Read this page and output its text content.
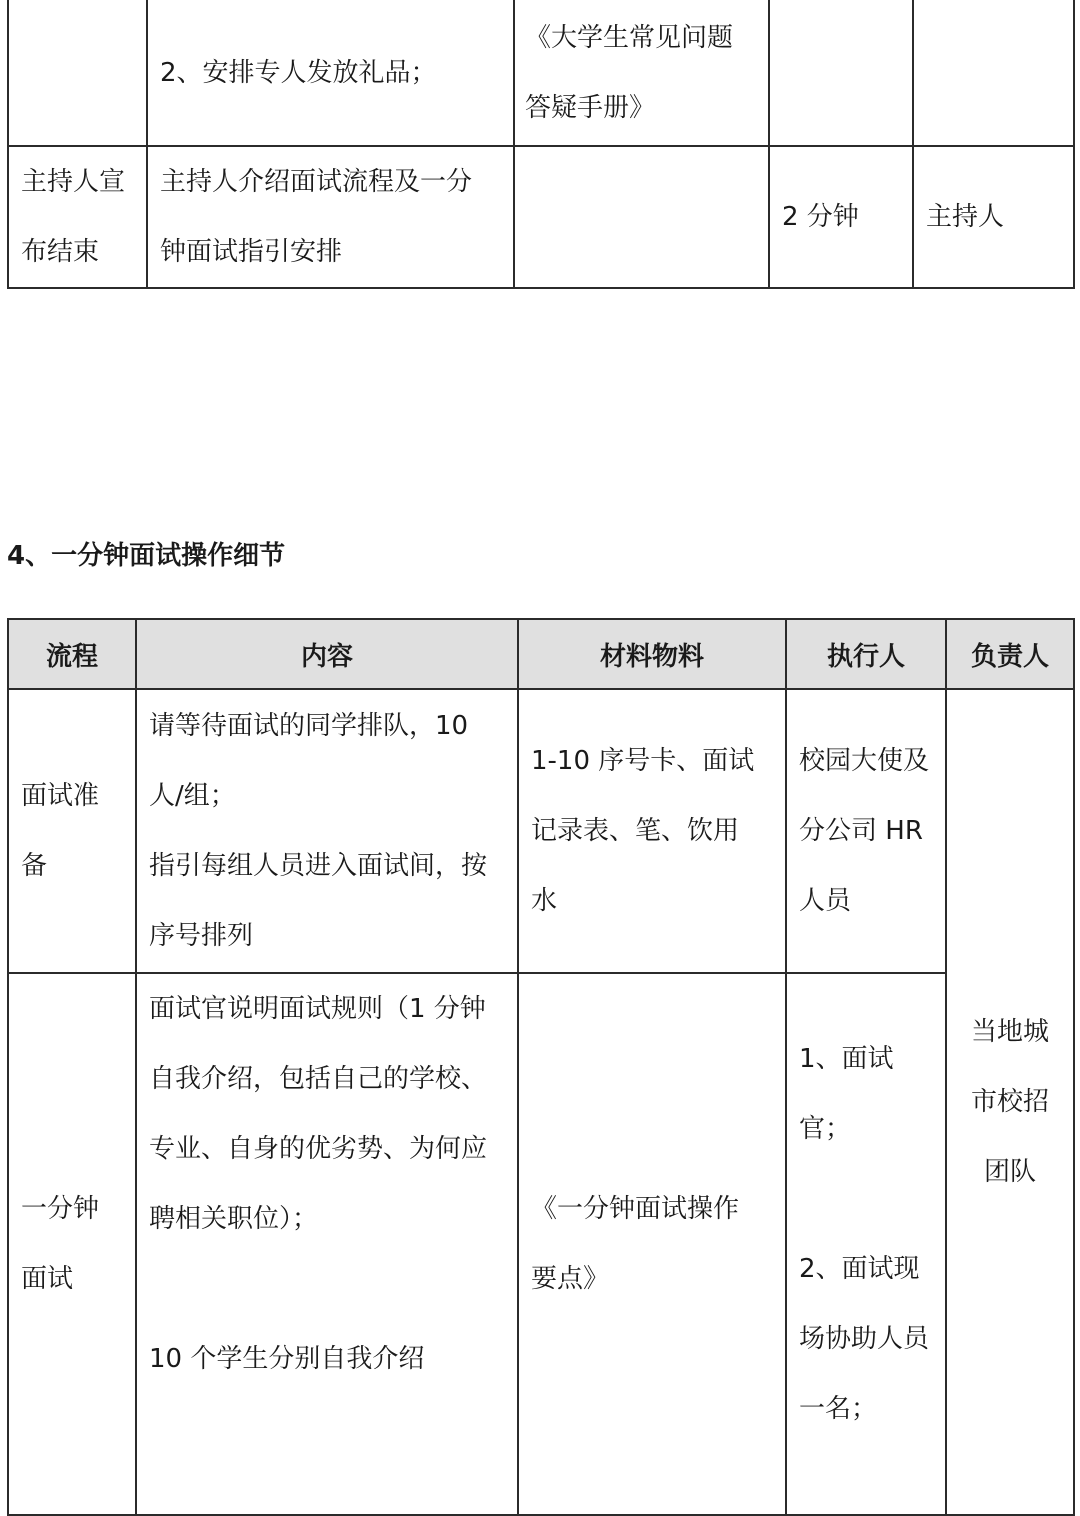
	2、安排专人发放礼品；	《大学生常见问题
答疑手册》		

主持人宣
布结束	主持人介绍面试流程及一分
钟面试指引安排		2 分钟	主持人
4、一分钟面试操作细节
流程	内容	材料物料	执行人	负责人

面试准
备	请等待面试的同学排队，10
人/组；
指引每组人员进入面试间，按
序号排列	1-10 序号卡、面试
记录表、笔、饮用
水	校园大使及
分公司 HR
人员	当地城
市校招
团队

一分钟
面试	面试官说明面试规则（1 分钟
自我介绍，包括自己的学校、
专业、自身的优劣势、为何应
聘相关职位）；
10 个学生分别自我介绍	《一分钟面试操作
要点》	1、面试
官；
2、面试现
场协助人员
一名；	
